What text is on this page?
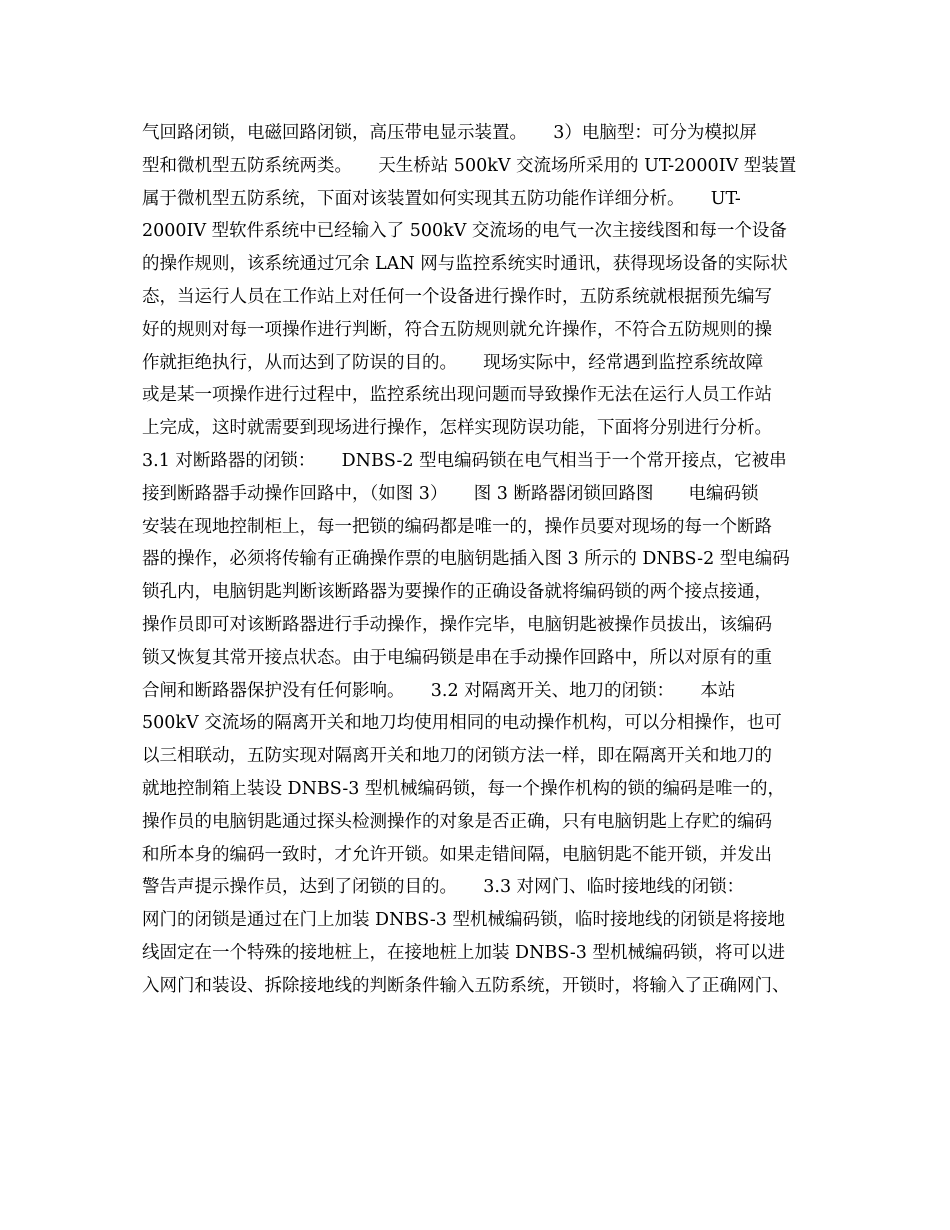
气回路闭锁，电磁回路闭锁，高压带电显示装置。　　3）电脑型：可分为模拟屏
型和微机型五防系统两类。　　天生桥站 500kV 交流场所采用的 UT-2000IV 型装置
属于微机型五防系统，下面对该装置如何实现其五防功能作详细分析。　　UT-
2000IV 型软件系统中已经输入了 500kV 交流场的电气一次主接线图和每一个设备
的操作规则，该系统通过冗余 LAN 网与监控系统实时通讯，获得现场设备的实际状
态，当运行人员在工作站上对任何一个设备进行操作时，五防系统就根据预先编写
好的规则对每一项操作进行判断，符合五防规则就允许操作，不符合五防规则的操
作就拒绝执行，从而达到了防误的目的。　　现场实际中，经常遇到监控系统故障
或是某一项操作进行过程中，监控系统出现问题而导致操作无法在运行人员工作站
上完成，这时就需要到现场进行操作，怎样实现防误功能，下面将分别进行分析。
3.1 对断路器的闭锁：　　DNBS-2 型电编码锁在电气相当于一个常开接点，它被串
接到断路器手动操作回路中，（如图 3）　　图 3 断路器闭锁回路图　　电编码锁
安装在现地控制柜上，每一把锁的编码都是唯一的，操作员要对现场的每一个断路
器的操作，必须将传输有正确操作票的电脑钥匙插入图 3 所示的 DNBS-2 型电编码
锁孔内，电脑钥匙判断该断路器为要操作的正确设备就将编码锁的两个接点接通，
操作员即可对该断路器进行手动操作，操作完毕，电脑钥匙被操作员拔出，该编码
锁又恢复其常开接点状态。由于电编码锁是串在手动操作回路中，所以对原有的重
合闸和断路器保护没有任何影响。　　3.2 对隔离开关、地刀的闭锁：　　本站
500kV 交流场的隔离开关和地刀均使用相同的电动操作机构，可以分相操作，也可
以三相联动，五防实现对隔离开关和地刀的闭锁方法一样，即在隔离开关和地刀的
就地控制箱上装设 DNBS-3 型机械编码锁，每一个操作机构的锁的编码是唯一的，
操作员的电脑钥匙通过探头检测操作的对象是否正确，只有电脑钥匙上存贮的编码
和所本身的编码一致时，才允许开锁。如果走错间隔，电脑钥匙不能开锁，并发出
警告声提示操作员，达到了闭锁的目的。　　3.3 对网门、临时接地线的闭锁：
网门的闭锁是通过在门上加装 DNBS-3 型机械编码锁，临时接地线的闭锁是将接地
线固定在一个特殊的接地桩上，在接地桩上加装 DNBS-3 型机械编码锁，将可以进
入网门和装设、拆除接地线的判断条件输入五防系统，开锁时，将输入了正确网门、
